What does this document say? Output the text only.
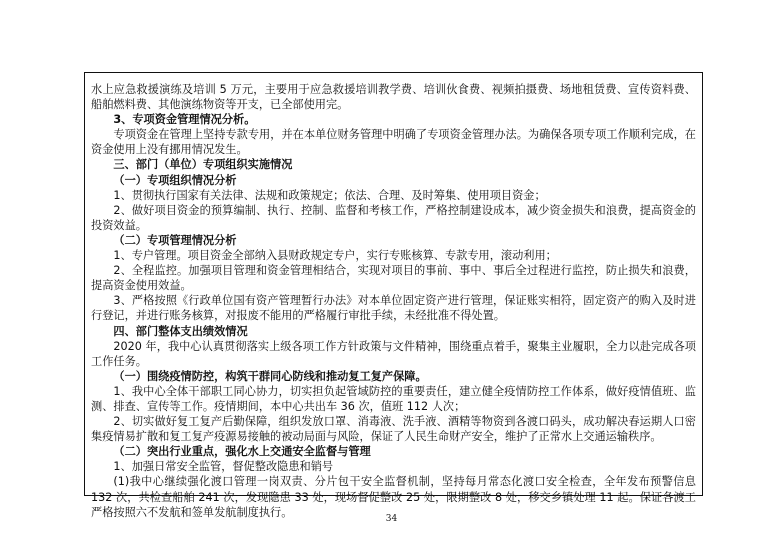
水上应急救援演练及培训 5 万元，主要用于应急救援培训教学费、培训伙食费、视频拍摄费、场地租赁费、宣传资料费、船舶燃料费、其他演练物资等开支，已全部使用完。

3、专项资金管理情况分析。

专项资金在管理上坚持专款专用，并在本单位财务管理中明确了专项资金管理办法。为确保各项专项工作顺利完成，在资金使用上没有挪用情况发生。

三、部门（单位）专项组织实施情况

（一）专项组织情况分析

1、贯彻执行国家有关法律、法规和政策规定；依法、合理、及时筹集、使用项目资金；

2、做好项目资金的预算编制、执行、控制、监督和考核工作，严格控制建设成本，减少资金损失和浪费，提高资金的投资效益。

（二）专项管理情况分析

1、专户管理。项目资金全部纳入县财政规定专户，实行专账核算、专款专用，滚动利用；

2、全程监控。加强项目管理和资金管理相结合，实现对项目的事前、事中、事后全过程进行监控，防止损失和浪费，提高资金使用效益。

3、严格按照《行政单位国有资产管理暂行办法》对本单位固定资产进行管理，保证账实相符，固定资产的购入及时进行登记，并进行账务核算，对报废不能用的严格履行审批手续，未经批准不得处置。

四、部门整体支出绩效情况

2020 年，我中心认真贯彻落实上级各项工作方针政策与文件精神，围绕重点着手，聚集主业履职，全力以赴完成各项工作任务。

（一）围绕疫情防控，构筑干群同心防线和推动复工复产保障。

1、我中心全体干部职工同心协力，切实担负起管域防控的重要责任，建立健全疫情防控工作体系，做好疫情值班、监测、排查、宣传等工作。疫情期间，本中心共出车 36 次，值班 112 人次；

2、切实做好复工复产后勤保障，组织发放口罩、消毒液、洗手液、酒精等物资到各渡口码头，成功解决春运期人口密集疫情易扩散和复工复产疫源易接触的被动局面与风险，保证了人民生命财产安全，维护了正常水上交通运输秩序。

（二）突出行业重点，强化水上交通安全监督与管理

1、加强日常安全监管，督促整改隐患和销号

(1)我中心继续强化渡口管理一岗双责、分片包干安全监督机制，坚持每月常态化渡口安全检查，全年发布预警信息 132 次，共检查船舶 241 次，发现隐患 33 处，现场督促整改 25 处，限期整改 8 处，移交乡镇处理 11 起。保证各渡工严格按照六不发航和签单发航制度执行。

34
